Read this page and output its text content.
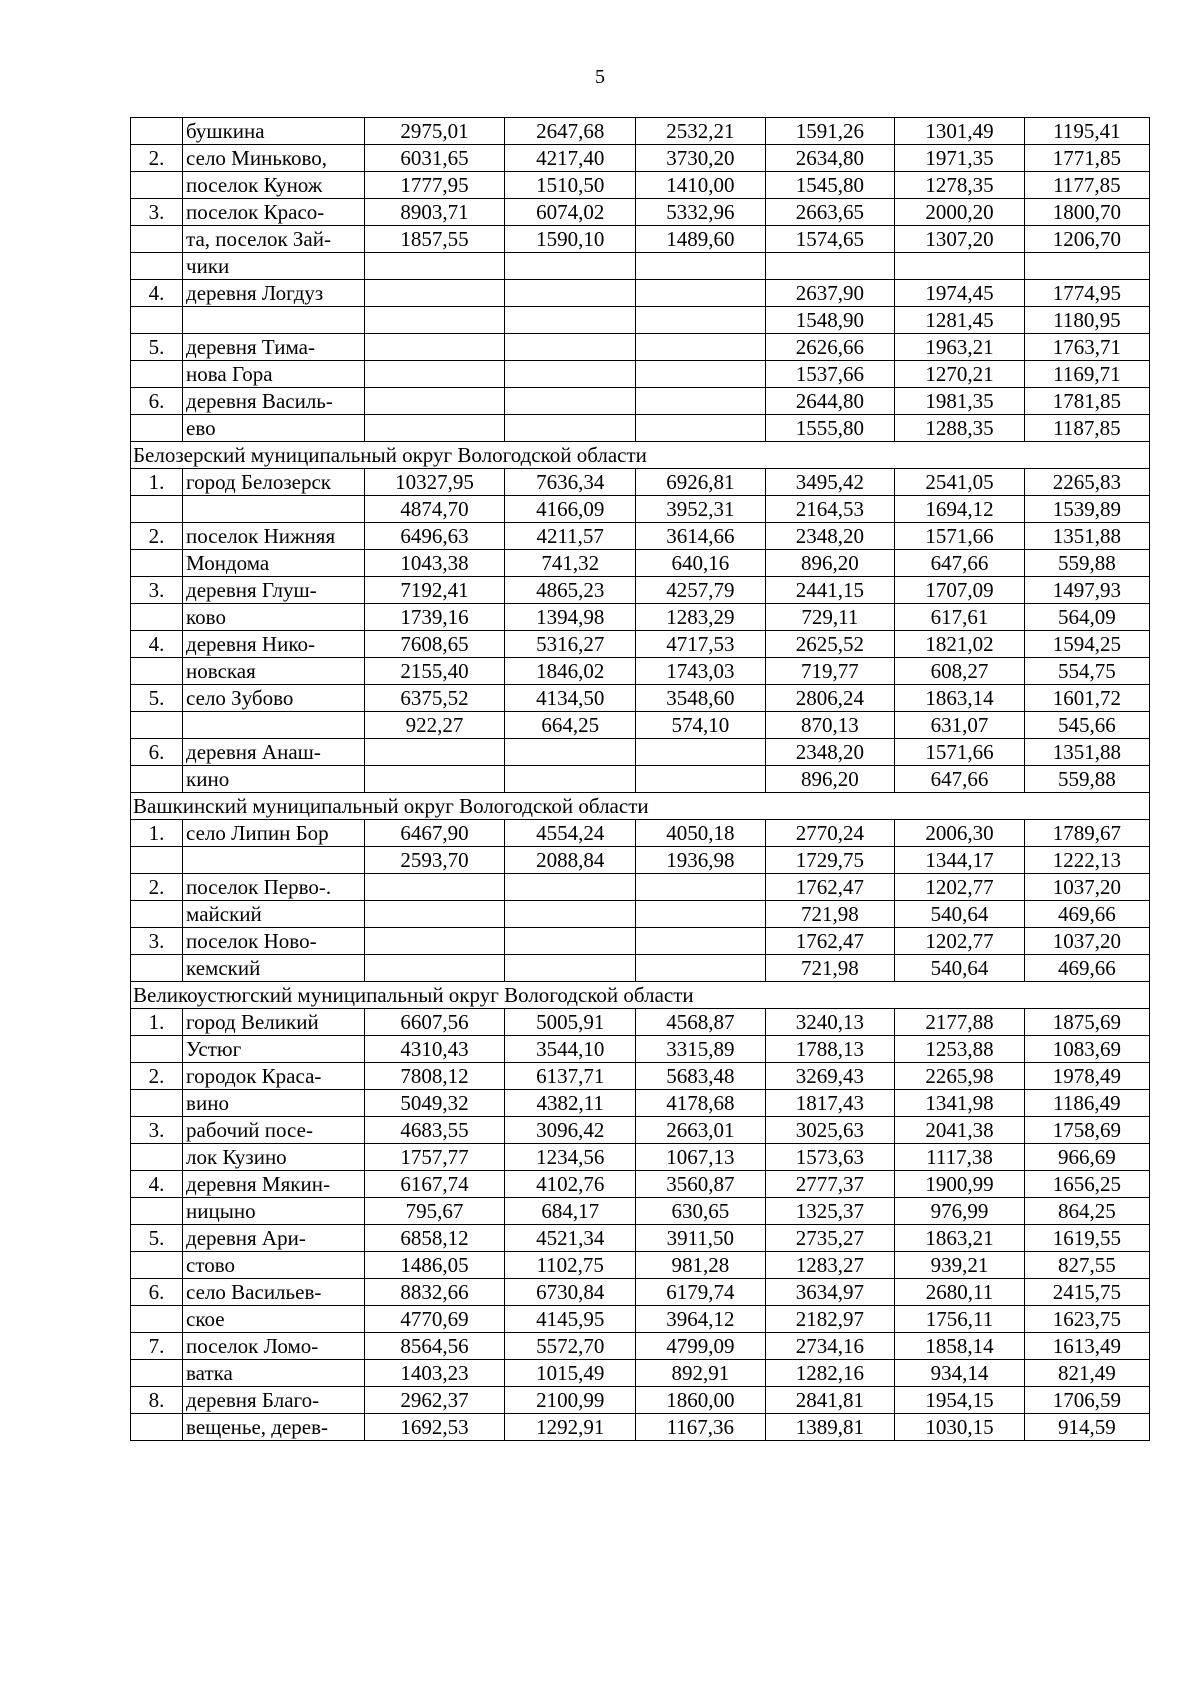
5
	бушкина	2975,01	2647,68	2532,21	1591,26	1301,49	1195,41
2.	село Миньково,	6031,65	4217,40	3730,20	2634,80	1971,35	1771,85
	поселок Кунож	1777,95	1510,50	1410,00	1545,80	1278,35	1177,85
3.	поселок Красо-	8903,71	6074,02	5332,96	2663,65	2000,20	1800,70
	та, поселок Зай-	1857,55	1590,10	1489,60	1574,65	1307,20	1206,70
	чики						
4.	деревня Логдуз				2637,90	1974,45	1774,95
					1548,90	1281,45	1180,95
5.	деревня Тима-				2626,66	1963,21	1763,71
	нова Гора				1537,66	1270,21	1169,71
6.	деревня Василь-				2644,80	1981,35	1781,85
	ево				1555,80	1288,35	1187,85
Белозерский муниципальный округ Вологодской области							
1.	город Белозерск	10327,95	7636,34	6926,81	3495,42	2541,05	2265,83
		4874,70	4166,09	3952,31	2164,53	1694,12	1539,89
2.	поселок Нижняя	6496,63	4211,57	3614,66	2348,20	1571,66	1351,88
	Мондома	1043,38	741,32	640,16	896,20	647,66	559,88
3.	деревня Глуш-	7192,41	4865,23	4257,79	2441,15	1707,09	1497,93
	ково	1739,16	1394,98	1283,29	729,11	617,61	564,09
4.	деревня Нико-	7608,65	5316,27	4717,53	2625,52	1821,02	1594,25
	новская	2155,40	1846,02	1743,03	719,77	608,27	554,75
5.	село Зубово	6375,52	4134,50	3548,60	2806,24	1863,14	1601,72
		922,27	664,25	574,10	870,13	631,07	545,66
6.	деревня Анаш-				2348,20	1571,66	1351,88
	кино				896,20	647,66	559,88
Вашкинский муниципальный округ Вологодской области							
1.	село Липин Бор	6467,90	4554,24	4050,18	2770,24	2006,30	1789,67
		2593,70	2088,84	1936,98	1729,75	1344,17	1222,13
2.	поселок Перво-.				1762,47	1202,77	1037,20
	майский				721,98	540,64	469,66
3.	поселок Ново-				1762,47	1202,77	1037,20
	кемский				721,98	540,64	469,66
Великоустюгский муниципальный округ Вологодской области							
1.	город Великий	6607,56	5005,91	4568,87	3240,13	2177,88	1875,69
	Устюг	4310,43	3544,10	3315,89	1788,13	1253,88	1083,69
2.	городок Краса-	7808,12	6137,71	5683,48	3269,43	2265,98	1978,49
	вино	5049,32	4382,11	4178,68	1817,43	1341,98	1186,49
3.	рабочий посе-	4683,55	3096,42	2663,01	3025,63	2041,38	1758,69
	лок Кузино	1757,77	1234,56	1067,13	1573,63	1117,38	966,69
4.	деревня Мякин-	6167,74	4102,76	3560,87	2777,37	1900,99	1656,25
	ницыно	795,67	684,17	630,65	1325,37	976,99	864,25
5.	деревня Ари-	6858,12	4521,34	3911,50	2735,27	1863,21	1619,55
	стово	1486,05	1102,75	981,28	1283,27	939,21	827,55
6.	село Васильев-	8832,66	6730,84	6179,74	3634,97	2680,11	2415,75
	ское	4770,69	4145,95	3964,12	2182,97	1756,11	1623,75
7.	поселок Ломо-	8564,56	5572,70	4799,09	2734,16	1858,14	1613,49
	ватка	1403,23	1015,49	892,91	1282,16	934,14	821,49
8.	деревня Благо-	2962,37	2100,99	1860,00	2841,81	1954,15	1706,59
	вещенье, дерев-	1692,53	1292,91	1167,36	1389,81	1030,15	914,59
